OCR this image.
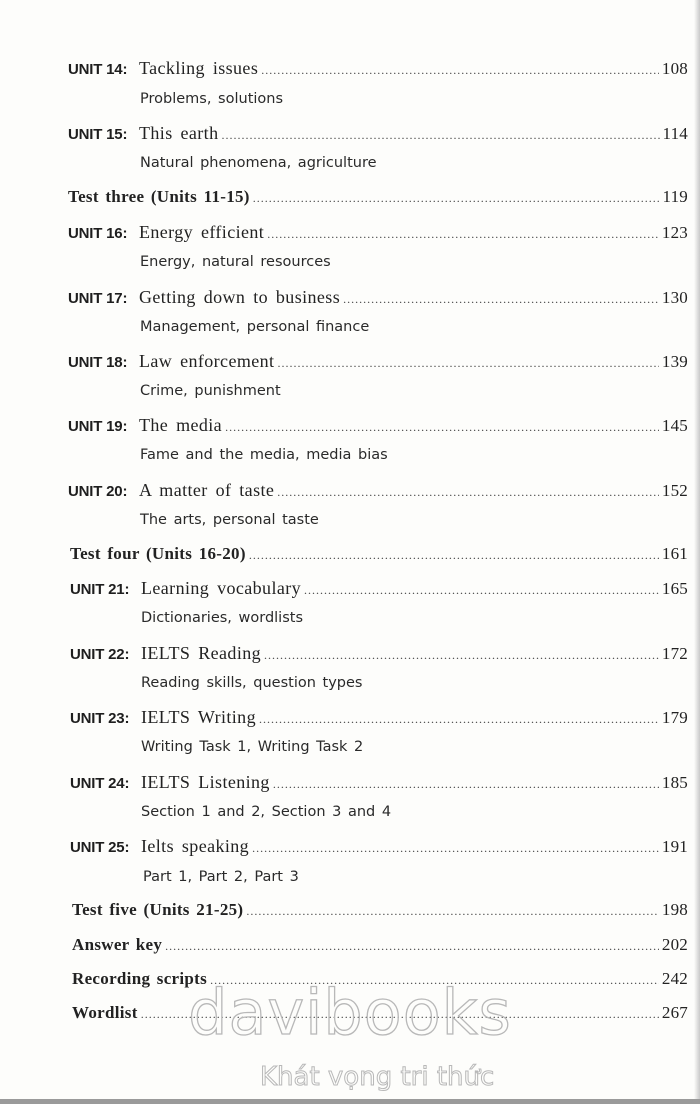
UNIT 14: Tackling issues .....	108
Problems, solutions
UNIT 15: This earth .....	114
Natural phenomena, agriculture
Test three (Units 11-15) .....	119
UNIT 16: Energy efficient .....	123
Energy, natural resources
UNIT 17: Getting down to business .....	130
Management, personal finance
UNIT 18: Law enforcement .....	139
Crime, punishment
UNIT 19: The media .....	145
Fame and the media, media bias
UNIT 20: A matter of taste .....	152
The arts, personal taste
Test four (Units 16-20) .....	161
UNIT 21: Learning vocabulary .....	165
Dictionaries, wordlists
UNIT 22: IELTS Reading .....	172
Reading skills, question types
UNIT 23: IELTS Writing .....	179
Writing Task 1, Writing Task 2
UNIT 24: IELTS Listening .....	185
Section 1 and 2, Section 3 and 4
UNIT 25: Ielts speaking .....	191
Part 1, Part 2, Part 3
Test five (Units 21-25) .....	198
Answer key .....	202
Recording scripts .....	242
Wordlist .....	267
davibooks
Khát vọng tri thức
